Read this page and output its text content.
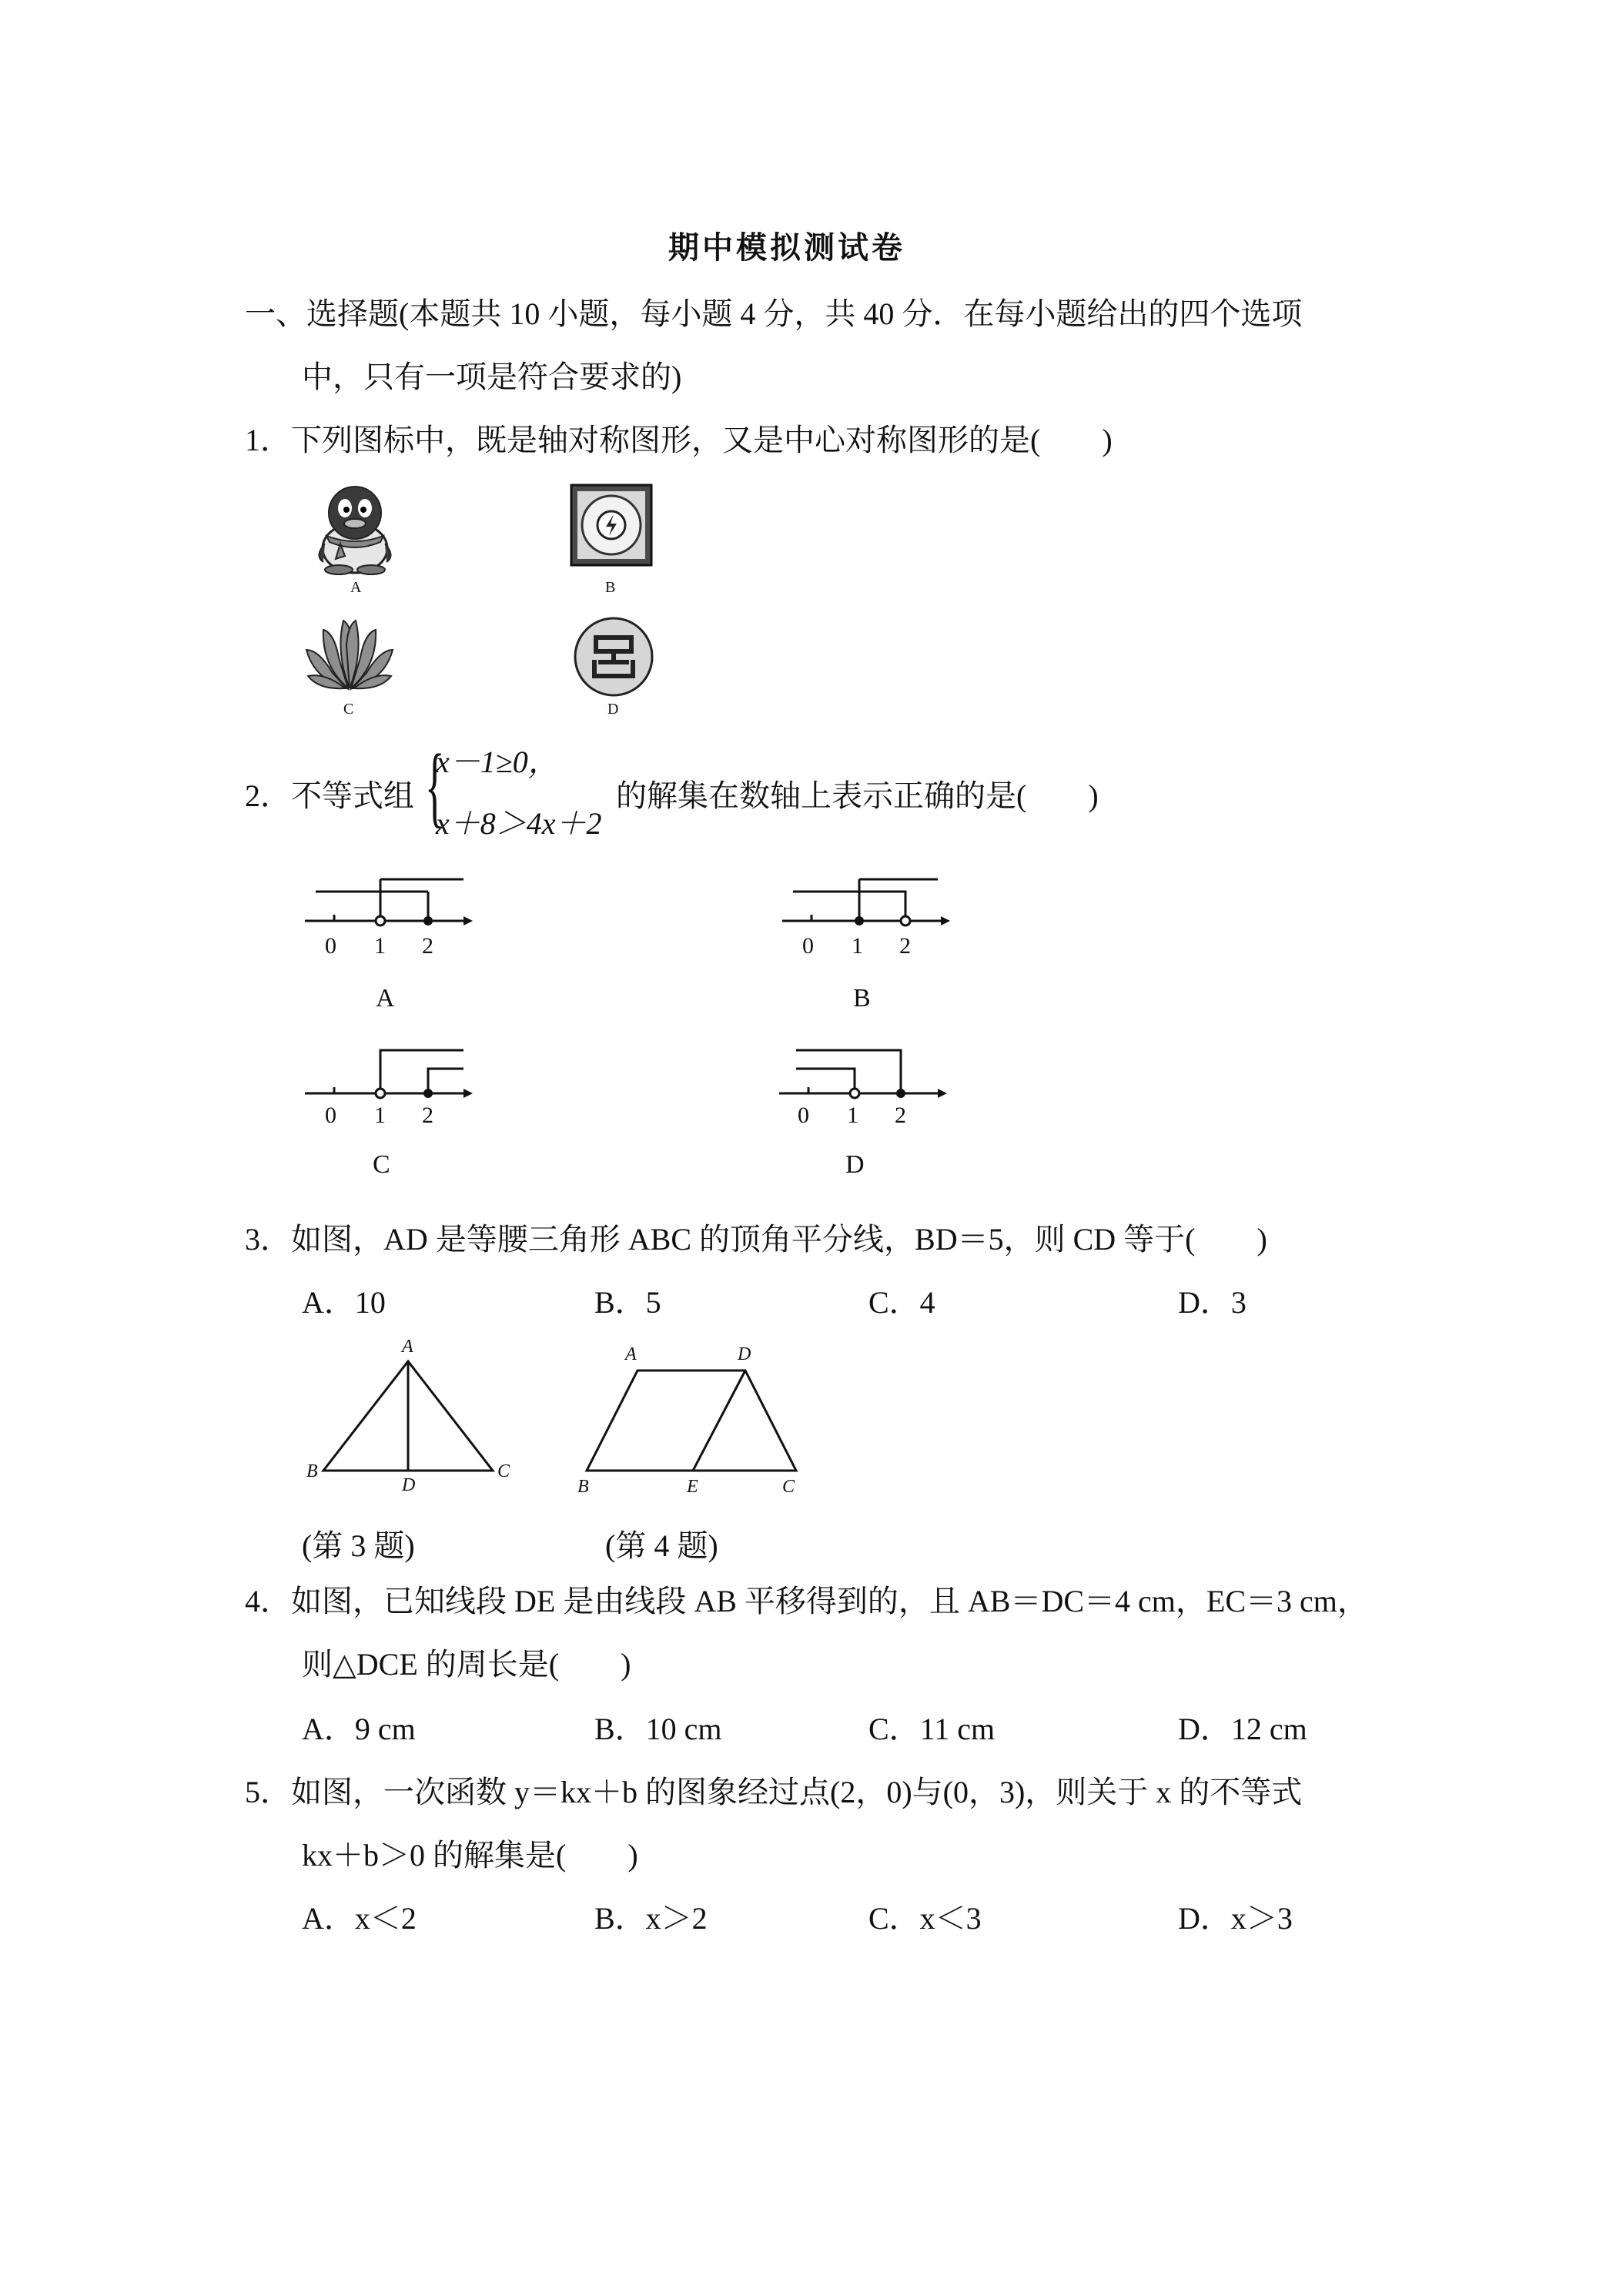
期中模拟测试卷
一、选择题(本题共 10 小题，每小题 4 分，共 40 分．在每小题给出的四个选项
中，只有一项是符合要求的)
1．下列图标中，既是轴对称图形，又是中心对称图形的是(　　)
A	B
C	D
2．不等式组 {
x－1≥0，
x＋8＞4x＋2
的解集在数轴上表示正确的是(　　)
0 1 2
A
0 1 2
B
0 1 2
C
0 1 2
D
3．如图，AD 是等腰三角形 ABC 的顶角平分线，BD＝5，则 CD 等于(　　)
A．10	B．5	C．4	D．3
A
B
D
C
(第 3 题)
A	D
B	E	C
(第 4 题)
4．如图，已知线段 DE 是由线段 AB 平移得到的，且 AB＝DC＝4 cm，EC＝3 cm，
则△DCE 的周长是(　　)
A．9 cm	B．10 cm	C．11 cm	D．12 cm
5．如图，一次函数 y＝kx＋b 的图象经过点(2，0)与(0，3)，则关于 x 的不等式
kx＋b＞0 的解集是(　　)
A．x＜2	B．x＞2	C．x＜3	D．x＞3
